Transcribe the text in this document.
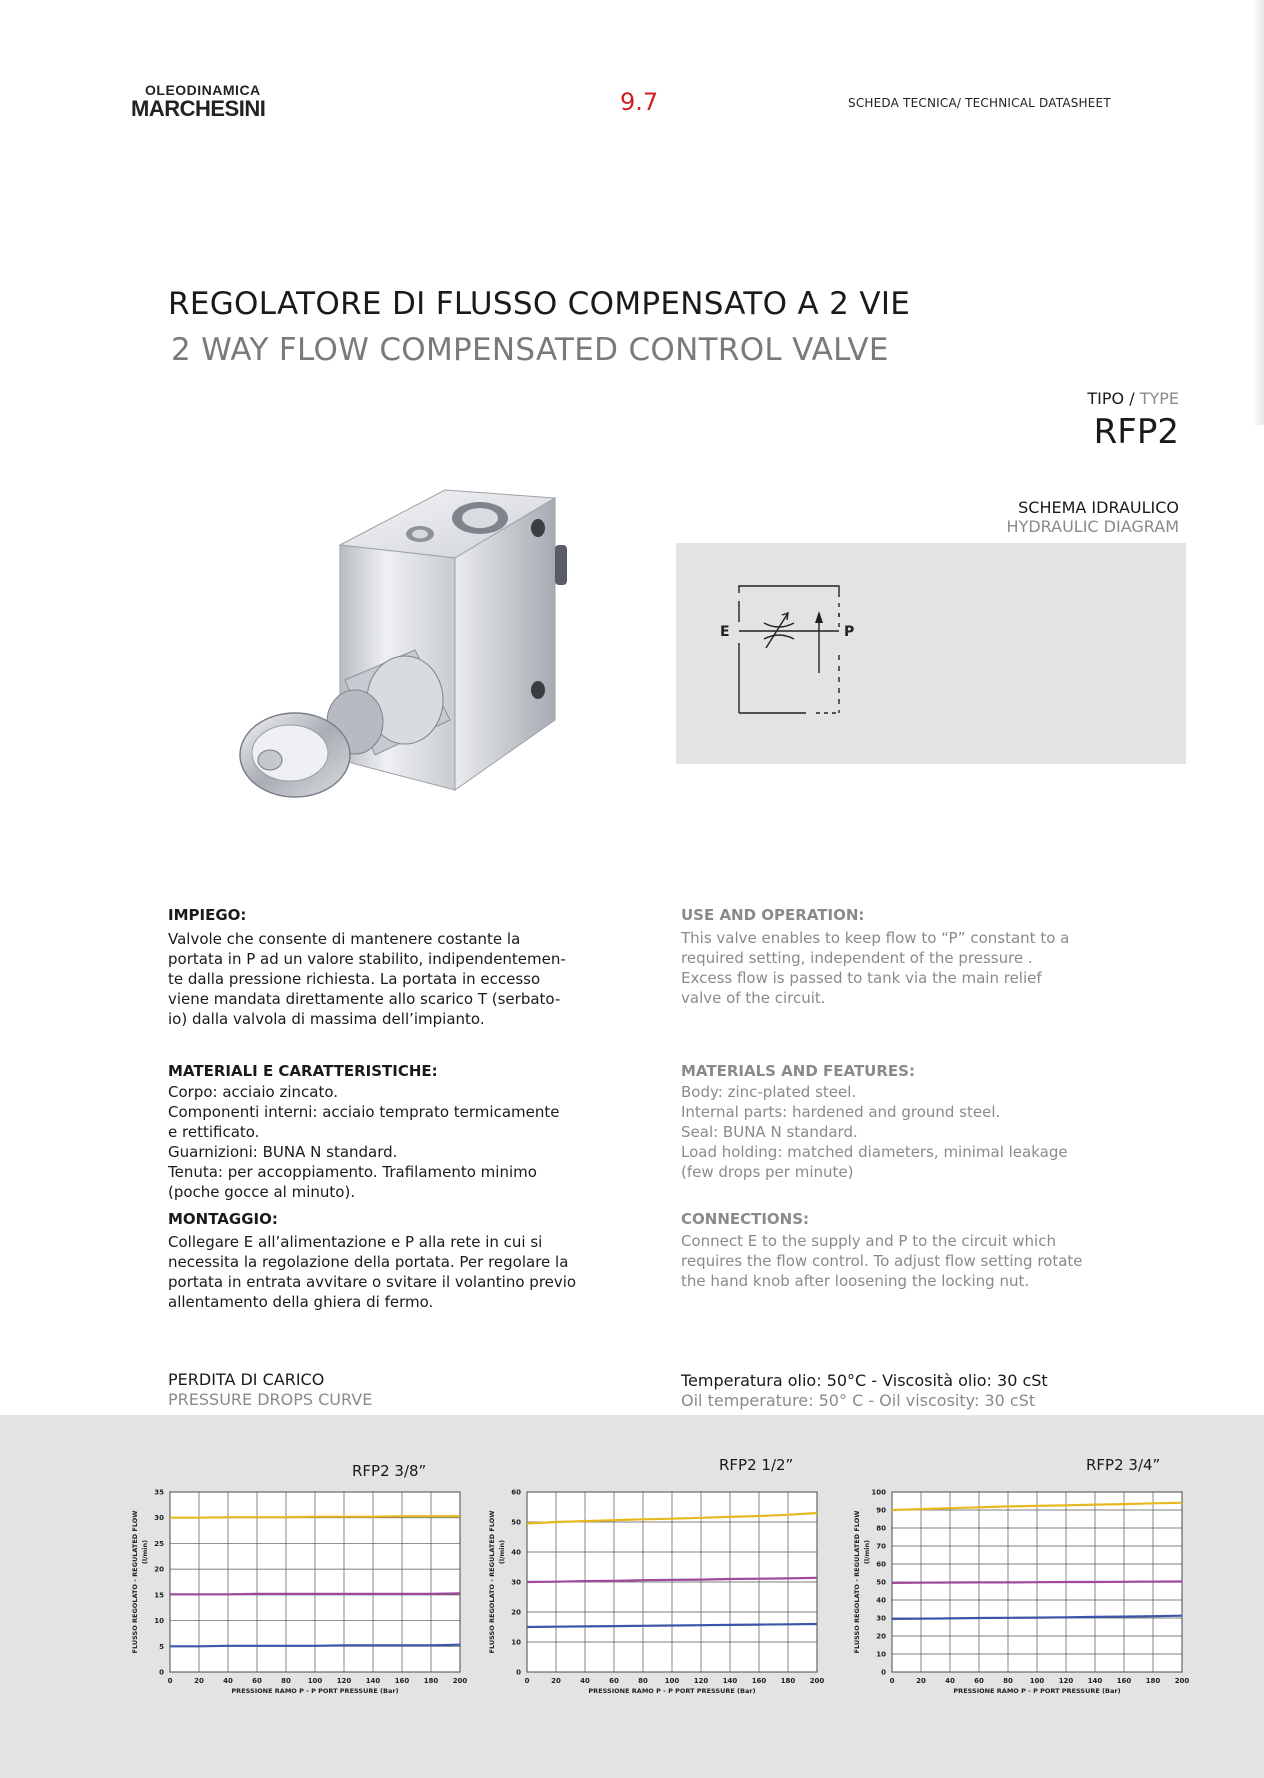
OLEODINAMICA
MARCHESINI	9.7	SCHEDA TECNICA/ TECHNICAL DATASHEET
REGOLATORE DI FLUSSO COMPENSATO A 2 VIE
2 WAY FLOW COMPENSATED CONTROL VALVE
TIPO / TYPE
RFP2
SCHEMA IDRAULICO
HYDRAULIC DIAGRAM
E	P
IMPIEGO:
Valvole che consente di mantenere costante la
portata in P ad un valore stabilito, indipendentemen-
te dalla pressione richiesta. La portata in eccesso
viene mandata direttamente allo scarico T (serbato-
io) dalla valvola di massima dell’impianto.
USE AND OPERATION:
This valve enables to keep flow to “P” constant to a
required setting, independent of the pressure .
Excess flow is passed to tank via the main relief
valve of the circuit.
MATERIALI E CARATTERISTICHE:
Corpo: acciaio zincato.
Componenti interni: acciaio temprato termicamente
e rettificato.
Guarnizioni: BUNA N standard.
Tenuta: per accoppiamento. Trafilamento minimo
(poche gocce al minuto).
MATERIALS AND FEATURES:
Body: zinc-plated steel.
Internal parts: hardened and ground steel.
Seal: BUNA N standard.
Load holding: matched diameters, minimal leakage
(few drops per minute)
MONTAGGIO:
Collegare E all’alimentazione e P alla rete in cui si
necessita la regolazione della portata. Per regolare la
portata in entrata avvitare o svitare il volantino previo
allentamento della ghiera di fermo.
CONNECTIONS:
Connect E to the supply and P to the circuit which
requires the flow control. To adjust flow setting rotate
the hand knob after loosening the locking nut.
PERDITA DI CARICO
PRESSURE DROPS CURVE
Temperatura olio: 50°C - Viscosità olio: 30 cSt
Oil temperature: 50° C - Oil viscosity: 30 cSt
RFP2 3/8”	RFP2 1/2”	RFP2 3/4”
0	20	40	60	80 100 120 140 160 180 200
0
5
10
15
20
25
30
35
PRESSIONE RAMO P - P PORT PRESSURE (Bar)
FLUSSO REGOLATO - REGULATED FLOW (l/min)
0	20	40	60	80 100 120 140 160 180 200
0
10
20
30
40
50
60
PRESSIONE RAMO P - P PORT PRESSURE (Bar)
FLUSSO REGOLATO - REGULATED FLOW (l/min)
0	20	40	60	80 100 120 140 160 180 200
0
10
20
30
40
50
60
70
80
90
100
PRESSIONE RAMO P - P PORT PRESSURE (Bar)
FLUSSO REGOLATO - REGULATED FLOW (l/min)
